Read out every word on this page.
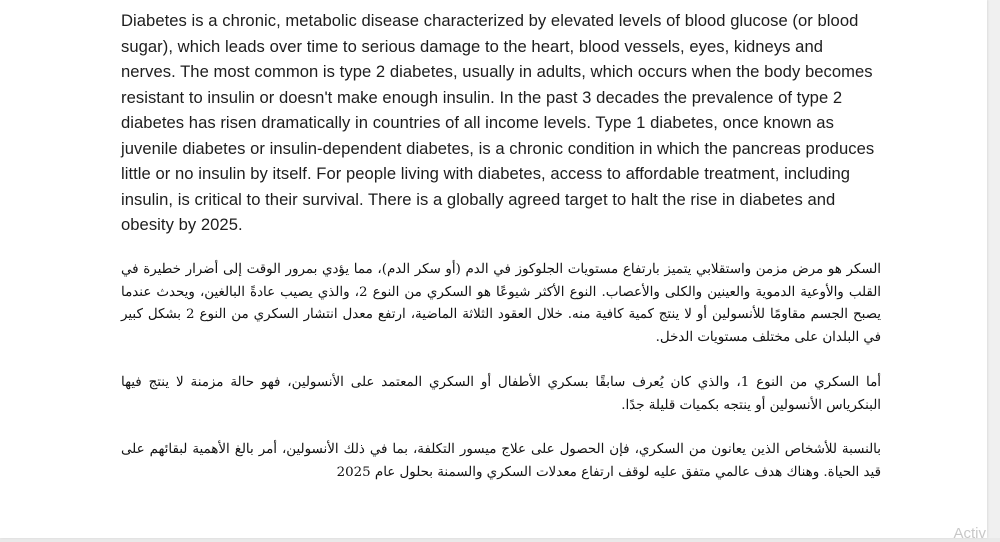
Diabetes is a chronic, metabolic disease characterized by elevated levels of blood glucose (or blood sugar), which leads over time to serious damage to the heart, blood vessels, eyes, kidneys and nerves. The most common is type 2 diabetes, usually in adults, which occurs when the body becomes resistant to insulin or doesn't make enough insulin. In the past 3 decades the prevalence of type 2 diabetes has risen dramatically in countries of all income levels. Type 1 diabetes, once known as juvenile diabetes or insulin-dependent diabetes, is a chronic condition in which the pancreas produces little or no insulin by itself. For people living with diabetes, access to affordable treatment, including insulin, is critical to their survival. There is a globally agreed target to halt the rise in diabetes and obesity by 2025.

السكر هو مرض مزمن واستقلابي يتميز بارتفاع مستويات الجلوكوز في الدم (أو سكر الدم)، مما يؤدي بمرور الوقت إلى أضرار خطيرة في القلب والأوعية الدموية والعينين والكلى والأعصاب. النوع الأكثر شيوعًا هو السكري من النوع 2، والذي يصيب عادةً البالغين، ويحدث عندما يصبح الجسم مقاومًا للأنسولين أو لا ينتج كمية كافية منه. خلال العقود الثلاثة الماضية، ارتفع معدل انتشار السكري من النوع 2 بشكل كبير في البلدان على مختلف مستويات الدخل.

أما السكري من النوع 1، والذي كان يُعرف سابقًا بسكري الأطفال أو السكري المعتمد على الأنسولين، فهو حالة مزمنة لا ينتج فيها البنكرياس الأنسولين أو ينتجه بكميات قليلة جدًا.

بالنسبة للأشخاص الذين يعانون من السكري، فإن الحصول على علاج ميسور التكلفة، بما في ذلك الأنسولين، أمر بالغ الأهمية لبقائهم على قيد الحياة. وهناك هدف عالمي متفق عليه لوقف ارتفاع معدلات السكري والسمنة بحلول عام 2025

Activ
